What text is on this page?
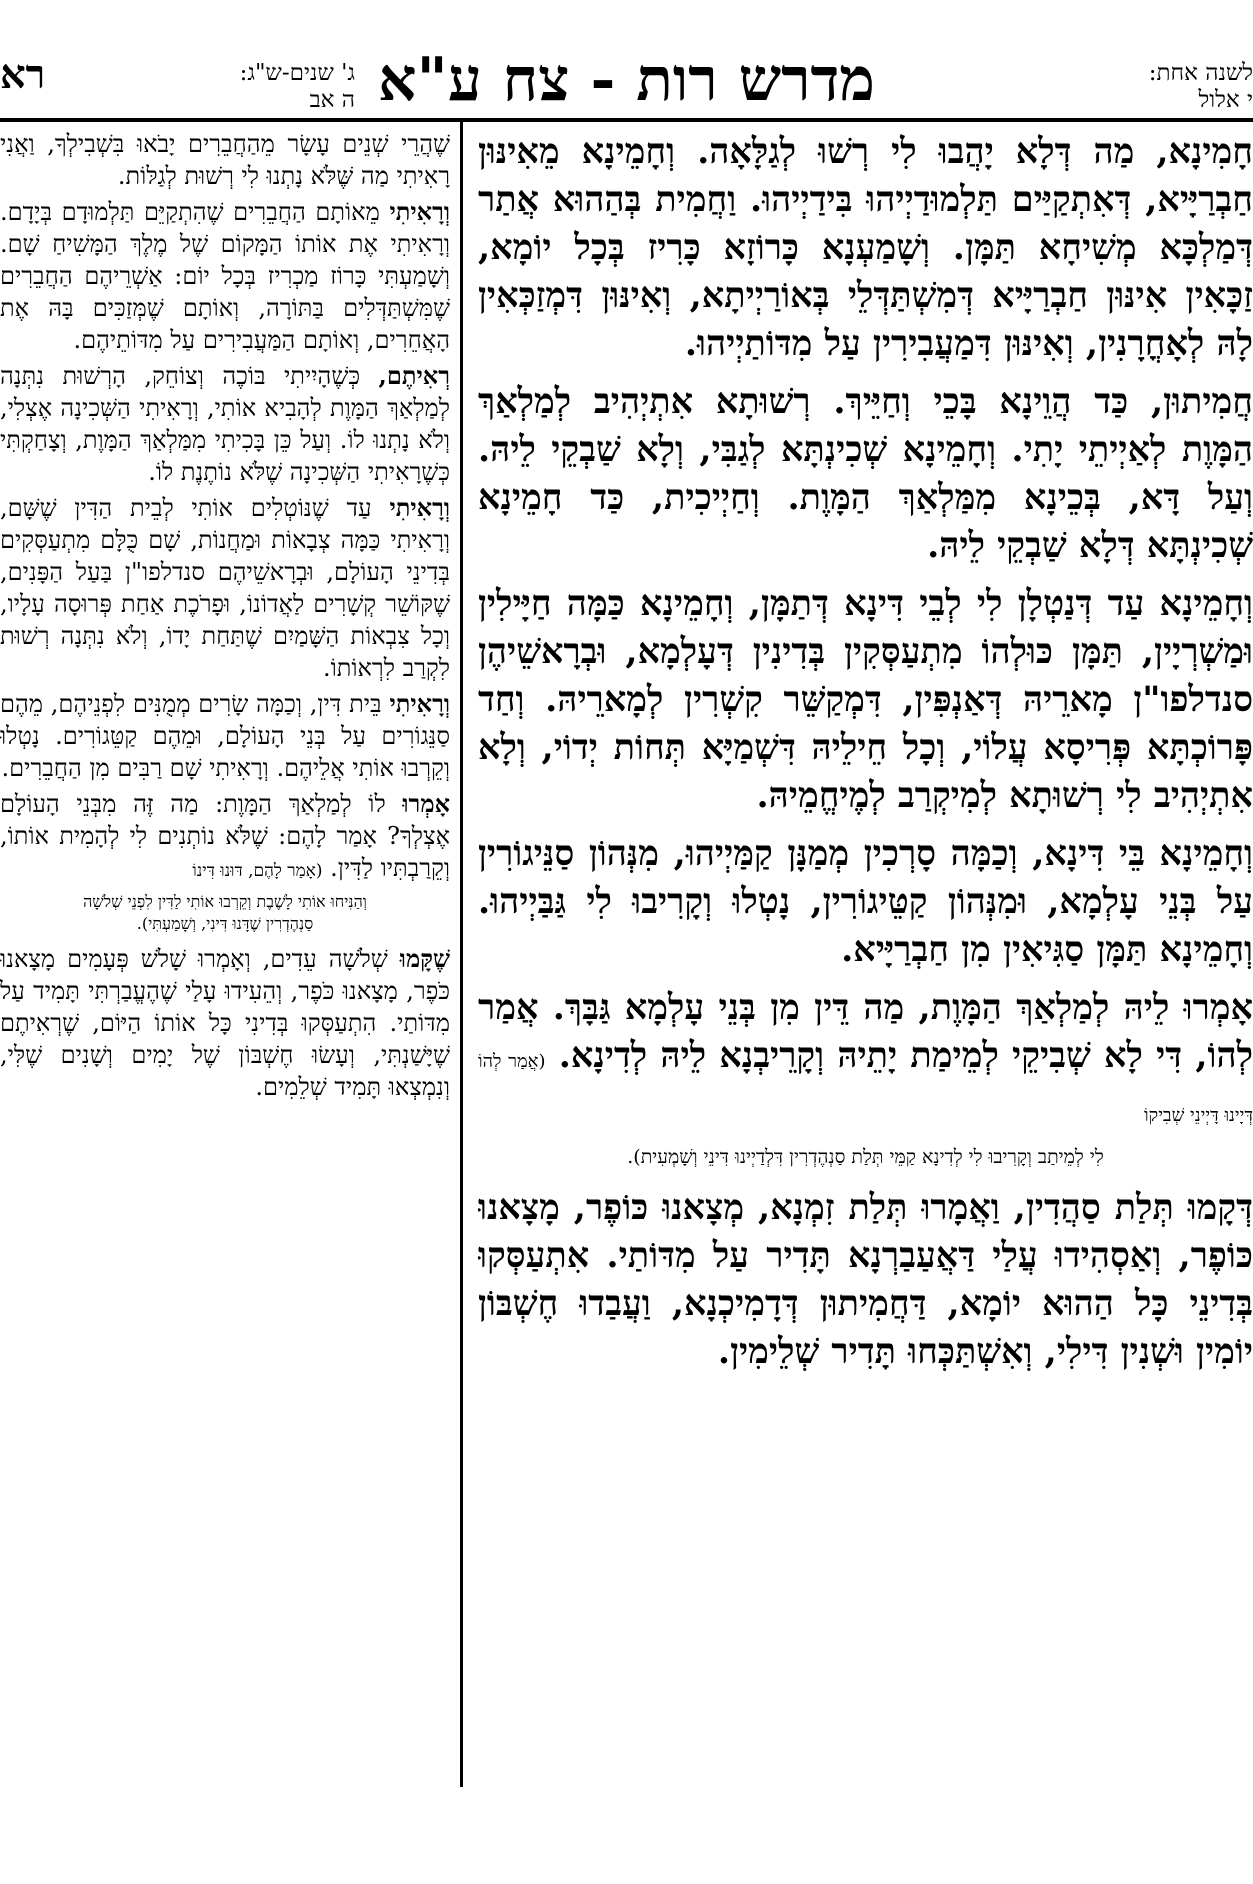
לשנה אחת:
י אלול
מדרש רות - צח ע"א
ג' שנים-ש"ג:
ה אב
רא

חָמִינָא, מַה דְּלָא יָהֲבוּ לִי רְשׁוּ לְגַלָּאָה. וְחָמֵינָא מֵאִינּוּן חַבְרַיָּיא, דְּאִתְקַיַּים תַּלְמוּדַיְיהוּ בִּידַיְיהוּ. וַחֲמִית בְּהַהוּא אֲתַר דְּמַלְכָּא מְשִׁיחָא תַּמָּן. וְשָׁמַעְנָא כָּרוֹזָא כָּרִיז בְּכָל יוֹמָא, זַכָּאִין אִינּוּן חַבְרַיָּיא דְּמִשְׁתַּדְּלֵי בְּאוֹרַיְיתָא, וְאִינּוּן דִּמְזַכְּאִין לָהּ לְאָחֳרָנִין, וְאִינּוּן דִּמַעֲבִירִין עַל מִדּוֹתַיְיהוּ.

חֲמִיתוּן, כַּד הֲוֵינָא בָּכֵי וְחַיֵּיךְ. רְשׁוּתָא אִתְיְהִיב לְמַלְאַךְ הַמָּוֶת לְאַיְיתֵי יָתִי. וְחָמֵינָא שְׁכִינְתָּא לְגַבִּי, וְלָא שַׁבְקֵי לֵיהּ. וְעַל דָּא, בְּכֵינָא מִמַּלְאַךְ הַמָּוֶת. וְחַיְיכִית, כַּד חָמֵינָא שְׁכִינְתָּא דְּלָא שַׁבְקֵי לֵיהּ.

וְחָמֵינָא עַד דְּנַטְלָן לִי לְבֵי דִּינָא דְּתַמָּן, וְחָמֵינָא כַּמָּה חַיָּילִין וּמַשְׁרְיָין, תַּמָּן כּוּלְהוֹ מִתְעַסְּקִין בְּדִינִין דְּעָלְמָא, וּבְרָאשֵׁיהֶן סנדלפו"ן מָארֵיהּ דְּאַנְפִּין, דִּמְקַשֵּׁר קִשְׁרִין לְמָארֵיהּ. וְחַד פָּרוֹכְתָּא פְּרִיסָא עֲלוֹי, וְכָל חֵילֵיהּ דִּשְׁמַיָּא תְּחוֹת יְדוֹי, וְלָא אִתְיְהִיב לִי רְשׁוּתָא לְמִיקְרַב לְמֶיחֱמֵיהּ.

וְחָמֵינָא בֵּי דִּינָא, וְכַמָּה סָרְכִין מְמַנָּן קַמַּיְיהוּ, מִנְּהוֹן סַנֵּיגוֹרִין עַל בְּנֵי עָלְמָא, וּמִנְּהוֹן קַטֵּיגוֹרִין, נָטְלוּ וְקָרִיבוּ לִי גַּבַּיְיהוּ. וְחָמֵינָא תַּמָּן סַגִּיאִין מִן חַבְרַיָּיא.

אָמְרוּ לֵיהּ לְמַלְאַךְ הַמָּוֶת, מַה דֵּין מִן בְּנֵי עָלְמָא גַּבָּךְ. אֲמַר לְהוֹ, דִּי לָא שְׁבִיקֵי לְמֵימַת יָתֵיהּ וְקָרֵיבְנָא לֵיהּ לְדִינָא. (אֲמַר לְהוֹ דְּיָינוּ דָּיְינֵי שְׁבִיקוֹ

לִי לְמֵיתַב וְקָרִיבוּ לִי לְדִינָא קַמֵּי תְּלַת סַנְהֶדְרִין דִּלְדַיְינוּ דִּינֵי וְשָׁמְעִית).

דְּקָמוּ תְּלַת סַהֲדִין, וַאֲמָרוּ תְּלַת זִמְנָא, מְצָאנוּ כּוֹפֶר, מָצָאנוּ כּוֹפֶר, וְאַסְהִידוּ עֲלַי דַּאֲעַבַרְנָא תָּדִיר עַל מִדּוֹתַי. אִתְעַסְּקוּ בְּדִינֵי כָּל הַהוּא יוֹמָא, דַּחֲמִיתוּן דְּדָמִיכְנָא, וַעֲבַדוּ חֶשְׁבּוֹן יוֹמִין וּשְׁנִין דִּילִי, וְאִשְׁתַּכְּחוּ תָּדִיר שְׁלֵימִין.

שֶׁהֲרֵי שְׁנֵים עָשָׂר מֵהַחֲבֵרִים יָבֹאוּ בִּשְׁבִילְךָ, וַאֲנִי רָאִיתִי מַה שֶּׁלֹּא נָתְנוּ לִי רְשׁוּת לְגַלּוֹת.

וְרָאִיתִי מֵאוֹתָם הַחֲבֵרִים שֶׁהִתְקַיֵּם תַּלְמוּדָם בְּיָדָם. וְרָאִיתִי אֶת אוֹתוֹ הַמָּקוֹם שֶׁל מֶלֶךְ הַמָּשִׁיחַ שָׁם. וְשָׁמַעְתִּי כָּרוֹז מַכְרִיז בְּכָל יוֹם: אַשְׁרֵיהֶם הַחֲבֵרִים שֶׁמִּשְׁתַּדְּלִים בַּתּוֹרָה, וְאוֹתָם שֶׁמְּזַכִּים בָּהּ אֶת הָאֲחֵרִים, וְאוֹתָם הַמַּעֲבִירִים עַל מִדּוֹתֵיהֶם.

רְאִיתֶם, כְּשֶׁהָיִיתִי בּוֹכֶה וְצוֹחֵק, הָרְשׁוּת נִתְּנָה לְמַלְאַךְ הַמָּוֶת לְהָבִיא אוֹתִי, וְרָאִיתִי הַשְּׁכִינָה אֶצְלִי, וְלֹא נָתְנוּ לוֹ. וְעַל כֵּן בָּכִיתִי מִמַּלְאַךְ הַמָּוֶת, וְצָחַקְתִּי כְּשֶׁרָאִיתִי הַשְּׁכִינָה שֶׁלֹּא נוֹתֶנֶת לוֹ.

וְרָאִיתִי עַד שֶׁנּוֹטְלִים אוֹתִי לְבֵית הַדִּין שֶׁשָּׁם, וְרָאִיתִי כַּמָּה צְבָאוֹת וּמַחֲנוֹת, שָׁם כֻּלָּם מִתְעַסְּקִים בְּדִינֵי הָעוֹלָם, וּבְרָאשֵׁיהֶם סנדלפו"ן בַּעַל הַפָּנִים, שֶׁקּוֹשֵׁר קְשָׁרִים לַאֲדוֹנוֹ, וּפָרֹכֶת אַחַת פְּרוּסָה עָלָיו, וְכָל צִבְאוֹת הַשָּׁמַיִם שֶׁתַּחַת יָדוֹ, וְלֹא נִתְּנָה רְשׁוּת לִקְרַב לִרְאוֹתוֹ.

וְרָאִיתִי בֵּית דִּין, וְכַמָּה שָׂרִים מְמֻנִּים לִפְנֵיהֶם, מֵהֶם סַנֵּגוֹרִים עַל בְּנֵי הָעוֹלָם, וּמֵהֶם קַטֵּגוֹרִים. נָטְלוּ וְקֵרְבוּ אוֹתִי אֲלֵיהֶם. וְרָאִיתִי שָׁם רַבִּים מִן הַחֲבֵרִים.

אָמְרוּ לוֹ לְמַלְאַךְ הַמָּוֶת: מַה זֶּה מִבְּנֵי הָעוֹלָם אֶצְלְךָ? אָמַר לָהֶם: שֶׁלֹּא נוֹתְנִים לִי לְהָמִית אוֹתוֹ, וְקֵרַבְתִּיו לַדִּין. (אָמַר לָהֶם, דּוּנוּ דִּינוֹ

וְהַנִּיחוּ אוֹתִי לָשֶׁבֶת וְקֵרְבוּ אוֹתִי לַדִּין לִפְנֵי שְׁלֹשָׁה
סַנְהֶדְרִין שֶׁדָּנוּ דִּינִי, וְשָׁמַעְתִּי).

שֶׁקָּמוּ שְׁלֹשָׁה עֵדִים, וְאָמְרוּ שָׁלֹשׁ פְּעָמִים מָצָאנוּ כֹּפֶר, מָצָאנוּ כֹּפֶר, וְהֵעִידוּ עָלַי שֶׁהֶעֱבַרְתִּי תָּמִיד עַל מִדּוֹתַי. הִתְעַסְּקוּ בְּדִינִי כָּל אוֹתוֹ הַיּוֹם, שֶׁרְאִיתֶם שֶׁיָּשַׁנְתִּי, וְעָשׂוּ חֶשְׁבּוֹן שֶׁל יָמִים וְשָׁנִים שֶׁלִּי, וְנִמְצְאוּ תָּמִיד שְׁלֵמִים.
